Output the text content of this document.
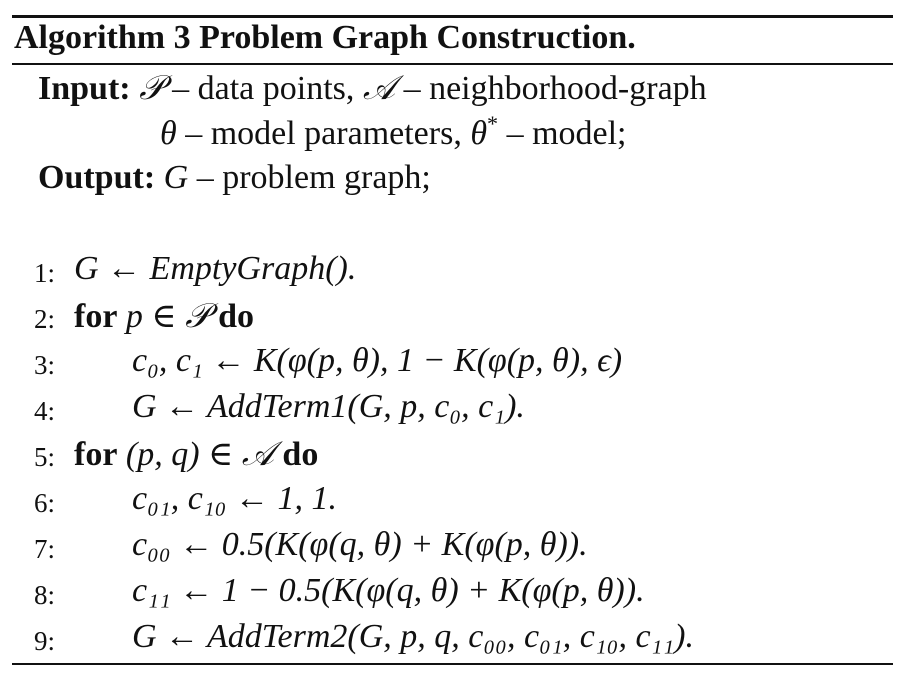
Algorithm 3 Problem Graph Construction.
Input: 𝒫 – data points, 𝒜 – neighborhood-graph
θ – model parameters, θ* – model;
Output: G – problem graph;
1: G ← EmptyGraph().
2: for p ∈ 𝒫 do
3: c₀, c₁ ← K(φ(p, θ), 1 − K(φ(p, θ), ϵ)
4: G ← AddTerm1(G, p, c₀, c₁).
5: for (p, q) ∈ 𝒜 do
6: c₀₁, c₁₀ ← 1, 1.
7: c₀₀ ← 0.5(K(φ(q, θ) + K(φ(p, θ)).
8: c₁₁ ← 1 − 0.5(K(φ(q, θ) + K(φ(p, θ)).
9: G ← AddTerm2(G, p, q, c₀₀, c₀₁, c₁₀, c₁₁).
